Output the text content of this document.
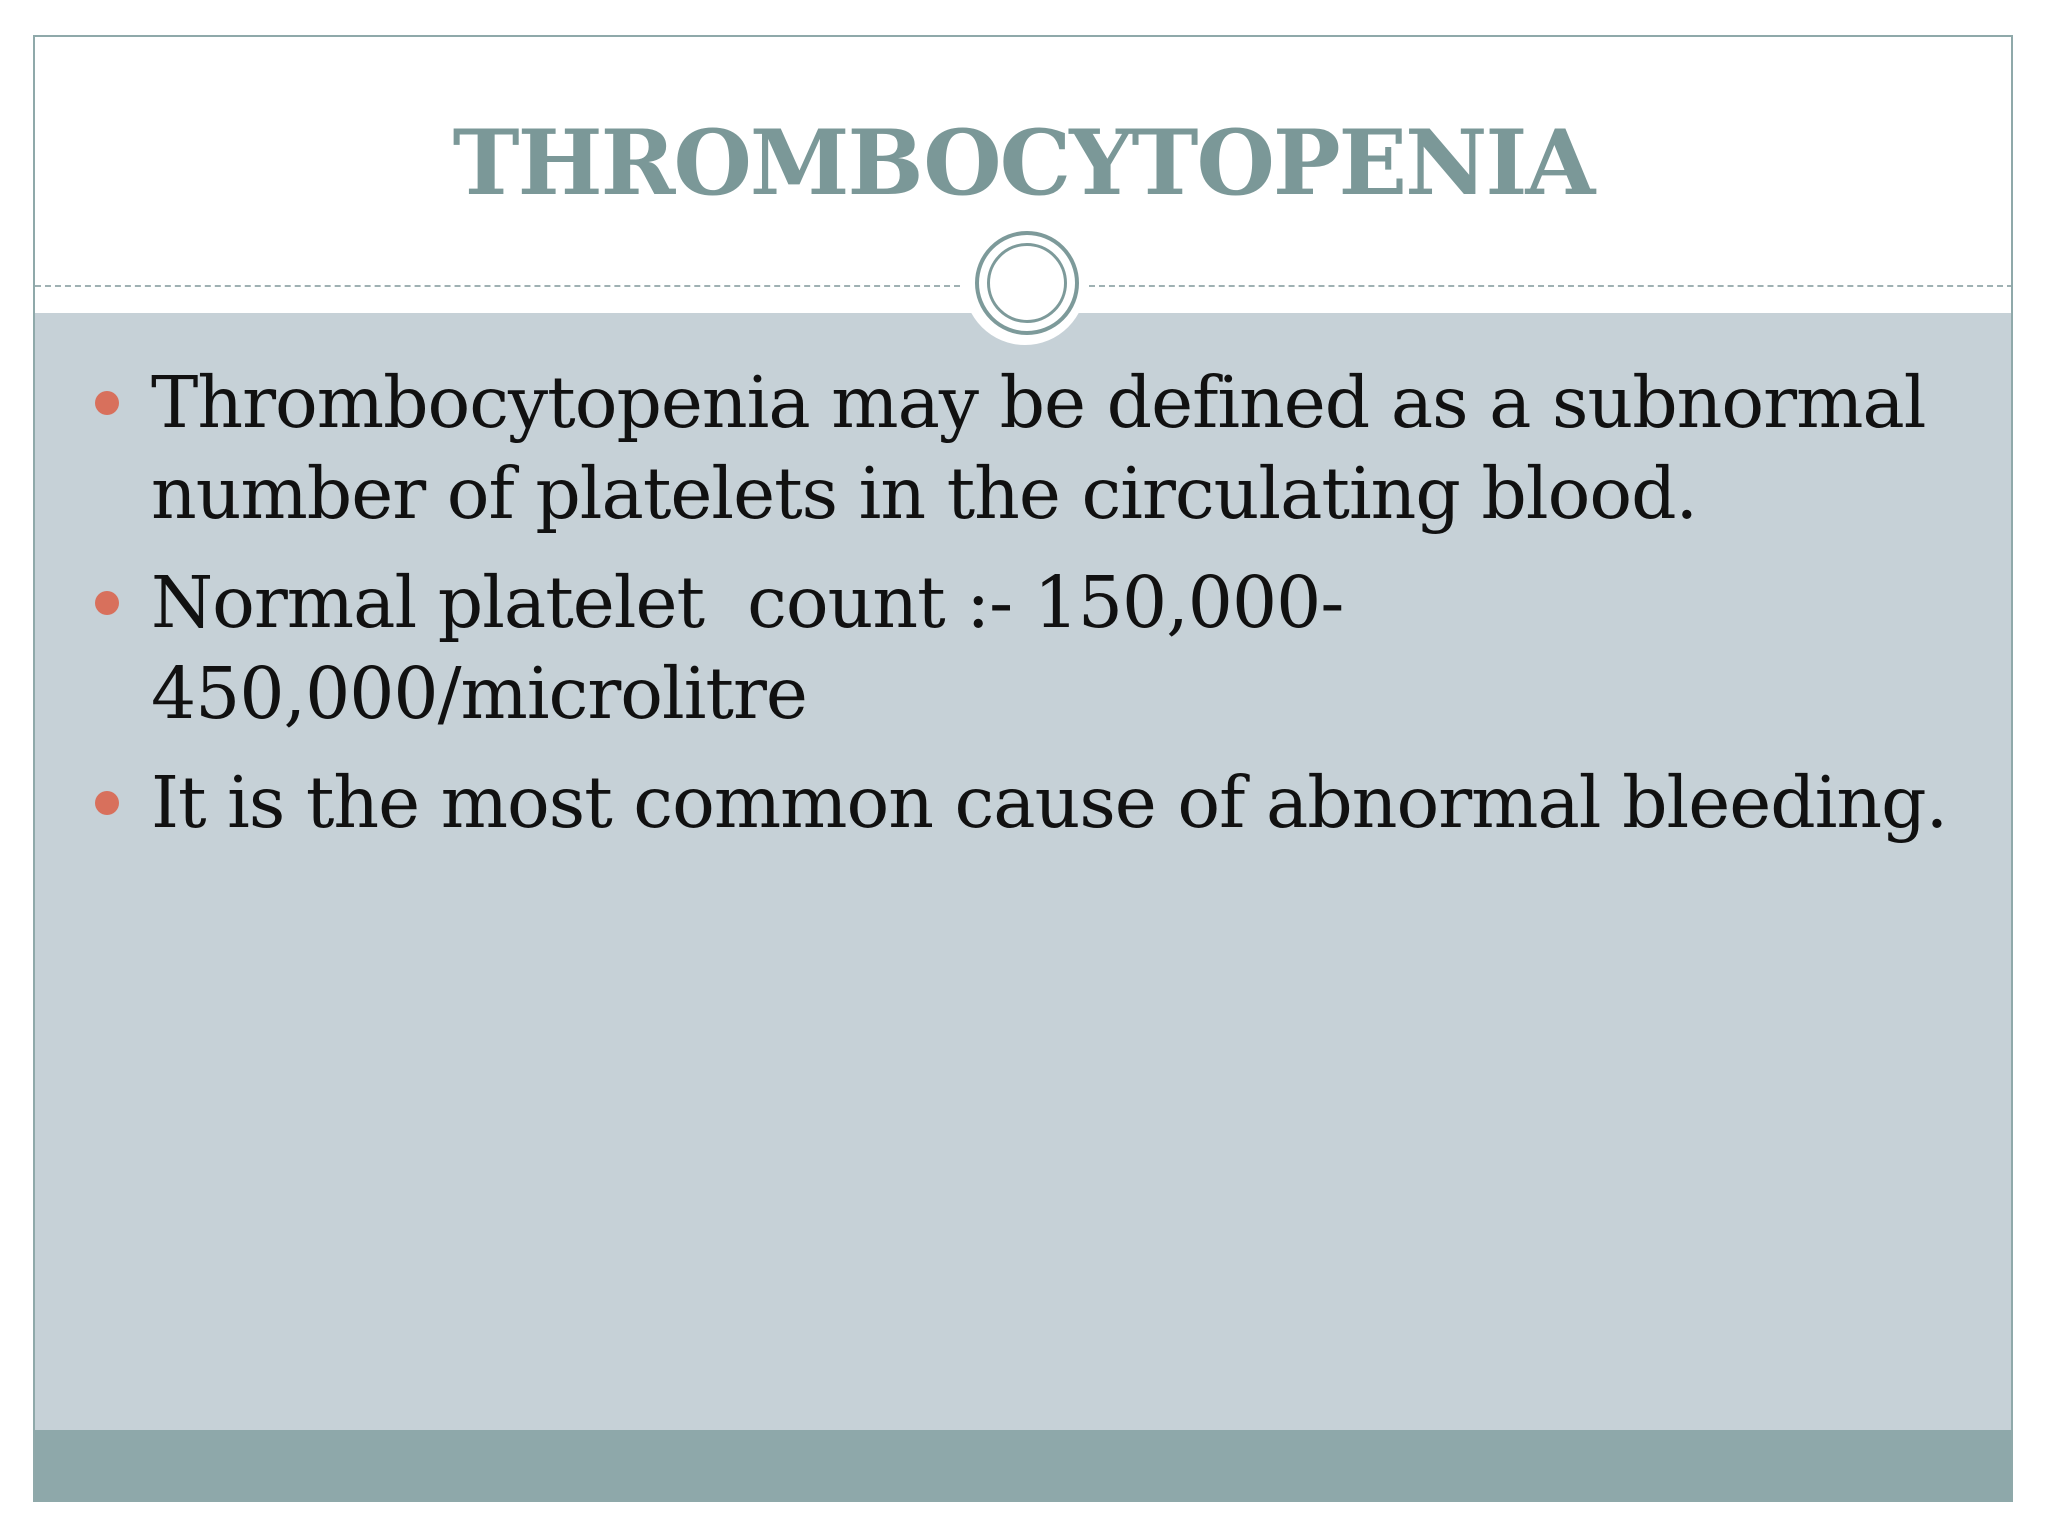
THROMBOCYTOPENIA
Thrombocytopenia may be defined as a subnormal number of platelets in the circulating blood.
Normal platelet  count :- 150,000-
450,000/microlitre
It is the most common cause of abnormal bleeding.
